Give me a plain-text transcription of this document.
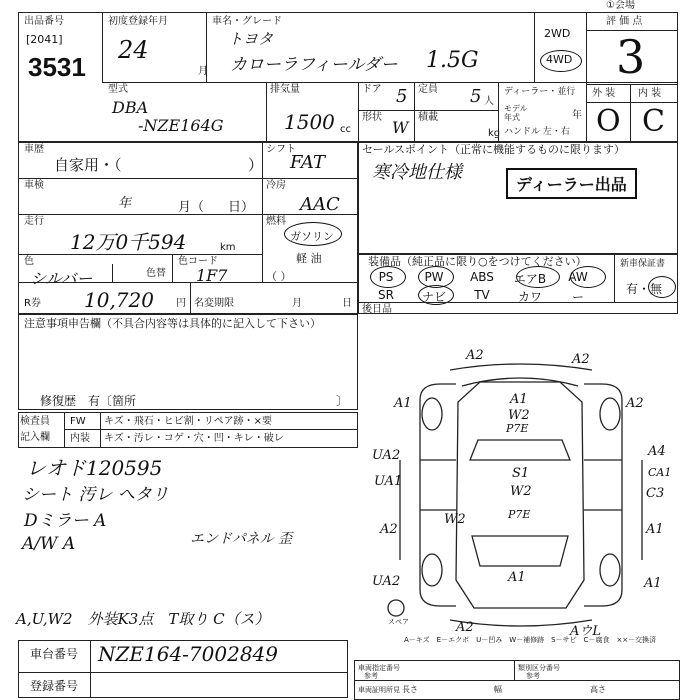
出品番号
[2041]
3531
初度登録年月
24
月
車名・グレード
トヨタ
カローラフィールダー 1.5G
2WD
4WD
評 価 点
3
型式
DBA
-NZE164G
排気量
1500 cc
ドア 5 定員 5 人
形状
W
積載
kg
ディーラー・並行
モデル年式	年
ハンドル 左・右
外 装 内 装
O C
車歴
自家用・（	）
シフト
FAT
車検
年	月（ 日）
冷房
AAC
走行
12万0千594	km
燃料
ガソリン
軽 油
（ ）
色
シルバー	色替
色コード
1F7
R券 10,720 円 名変期限	月	日
セールスポイント（正常に機能するものに限ります）
寒冷地仕様
ディーラー出品
装備品（純正品に限り○をつけてください）	新車保証書
有・無
PS	PW	ABS	エアB	AW
SR	ナビ	TV	カワ	ー
後日品
注意事項申告欄（不具合内容等は具体的に記入して下さい）
修復歴　有〔箇所	〕
検査員
記入欄
FW キズ・飛石・ヒビ割・リペア跡・×要
内装 キズ・汚レ・コゲ・穴・凹・キレ・破レ
レオド120595
シート 汚レ へタリ
Dミラー A
A/W A	エンドパネル 歪
A,U,W2　外装K3点　T取り C（ス）
A2	A2
A1	A2
A1
W2
P7E
UA2
UA1
A4
CA1
C3
S1
W2
P7E
A2
W2
A1
UA2	A1	A1
A2	AウL
スペア
A－キズ　E－エクボ　U－凹み　W－補修跡　S－サビ　C－腐食　××－交換済
車台番号 NZE164-7002849
登録番号
車両指定番号
参考
類別区分番号
参考
車両証明所見 長さ	幅	高さ
①会場
